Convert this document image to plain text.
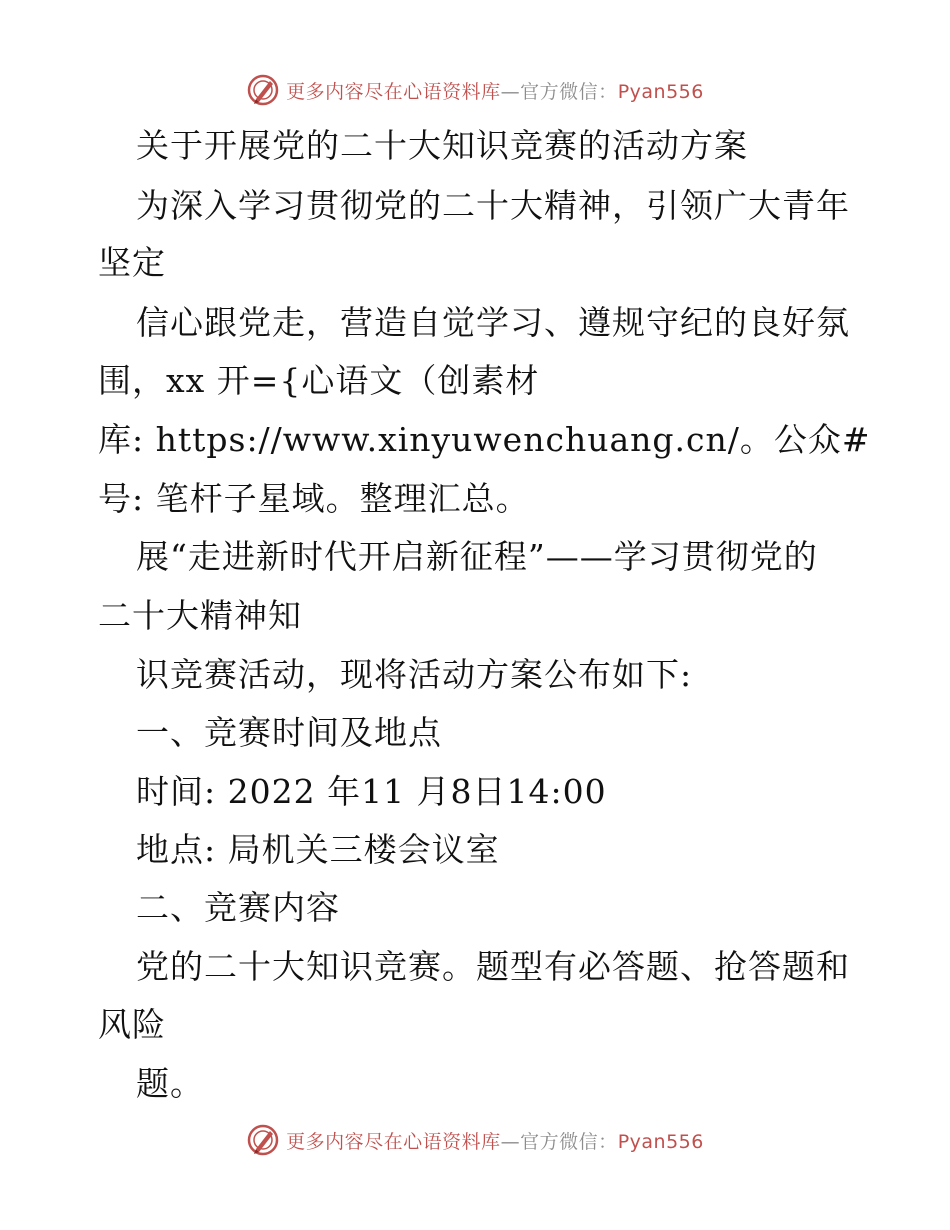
更多内容尽在心语资料库—官方微信：Pyan556
关于开展党的二十大知识竞赛的活动方案
为深入学习贯彻党的二十大精神，引领广大青年
坚定
信心跟党走，营造自觉学习、遵规守纪的良好氛
围，xx 开={心语文（创素材
库: https://www.xinyuwenchuang.cn/。公众#
号: 笔杆子星域。整理汇总。
展“走进新时代开启新征程”——学习贯彻党的
二十大精神知
识竞赛活动，现将活动方案公布如下:
一、竞赛时间及地点
时间: 2022 年11 月8日14:00
地点: 局机关三楼会议室
二、竞赛内容
党的二十大知识竞赛。题型有必答题、抢答题和
风险
题。
更多内容尽在心语资料库—官方微信：Pyan556
